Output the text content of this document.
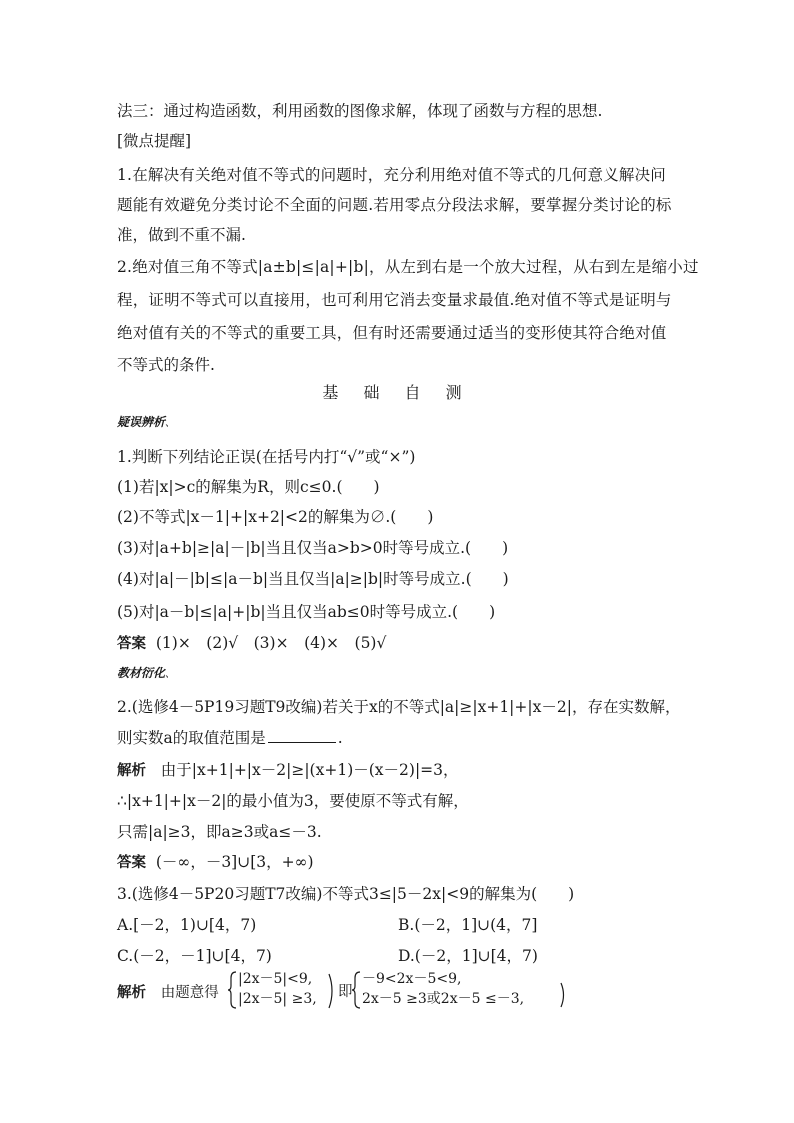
法三：通过构造函数，利用函数的图像求解，体现了函数与方程的思想.
[微点提醒]
1.在解决有关绝对值不等式的问题时，充分利用绝对值不等式的几何意义解决问
题能有效避免分类讨论不全面的问题.若用零点分段法求解，要掌握分类讨论的标
准，做到不重不漏.
2.绝对值三角不等式|a±b|≤|a|+|b|，从左到右是一个放大过程，从右到左是缩小过
程，证明不等式可以直接用，也可利用它消去变量求最值.绝对值不等式是证明与
绝对值有关的不等式的重要工具，但有时还需要通过适当的变形使其符合绝对值
不等式的条件.
基 础 自 测
疑误辨析、
1.判断下列结论正误(在括号内打“√”或“×”)
(1)若|x|>c的解集为R，则c≤0.(　　)
(2)不等式|x－1|+|x+2|<2的解集为∅.(　　)
(3)对|a+b|≥|a|－|b|当且仅当a>b>0时等号成立.(　　)
(4)对|a|－|b|≤|a－b|当且仅当|a|≥|b|时等号成立.(　　)
(5)对|a－b|≤|a|+|b|当且仅当ab≤0时等号成立.(　　)
答案 (1)×　(2)√　(3)×　(4)×　(5)√
教材衍化、
2.(选修4－5P19习题T9改编)若关于x的不等式|a|≥|x+1|+|x－2|，存在实数解，
则实数a的取值范围是	.
解析 由于|x+1|+|x－2|≥|(x+1)－(x－2)|=3，
∴|x+1|+|x－2|的最小值为3，要使原不等式有解，
只需|a|≥3，即a≥3或a≤－3.
答案 (－∞，－3]∪[3，+∞)
3.(选修4－5P20习题T7改编)不等式3≤|5－2x|<9的解集为(　　)
A.[－2，1)∪[4，7)	B.(－2，1]∪(4，7]
C.(－2，－1]∪[4，7)	D.(－2，1]∪[4，7)
解析 由题意得
|2x－5|<9,
|2x－5| ≥3, 即
－9<2x－5<9,
2x－5 ≥3或2x－5 ≤－3,
